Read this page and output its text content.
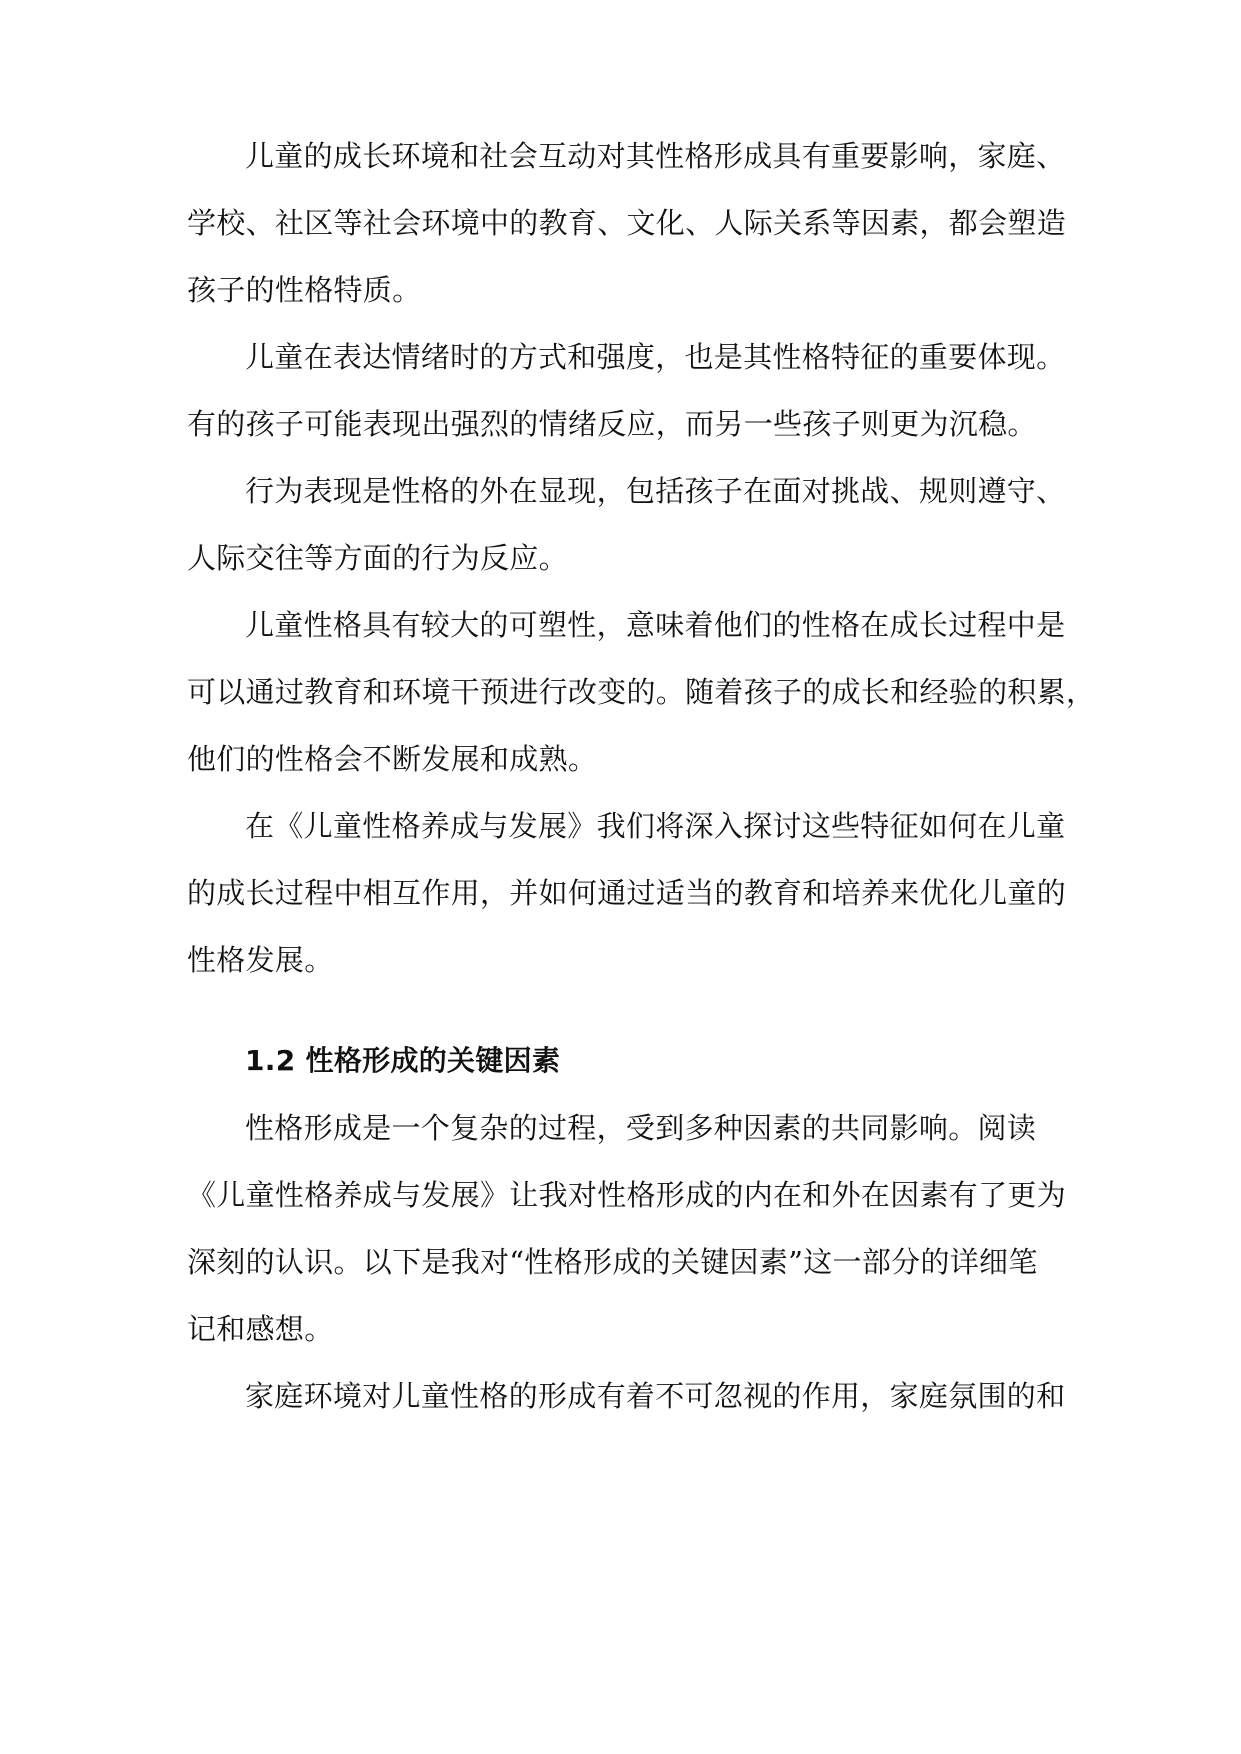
儿童的成长环境和社会互动对其性格形成具有重要影响，家庭、
学校、社区等社会环境中的教育、文化、人际关系等因素，都会塑造
孩子的性格特质。
儿童在表达情绪时的方式和强度，也是其性格特征的重要体现。
有的孩子可能表现出强烈的情绪反应，而另一些孩子则更为沉稳。
行为表现是性格的外在显现，包括孩子在面对挑战、规则遵守、
人际交往等方面的行为反应。
儿童性格具有较大的可塑性，意味着他们的性格在成长过程中是
可以通过教育和环境干预进行改变的。随着孩子的成长和经验的积累，
他们的性格会不断发展和成熟。
在《儿童性格养成与发展》我们将深入探讨这些特征如何在儿童
的成长过程中相互作用，并如何通过适当的教育和培养来优化儿童的
性格发展。
1.2 性格形成的关键因素
性格形成是一个复杂的过程，受到多种因素的共同影响。阅读
《儿童性格养成与发展》让我对性格形成的内在和外在因素有了更为
深刻的认识。以下是我对“性格形成的关键因素”这一部分的详细笔
记和感想。
家庭环境对儿童性格的形成有着不可忽视的作用，家庭氛围的和
